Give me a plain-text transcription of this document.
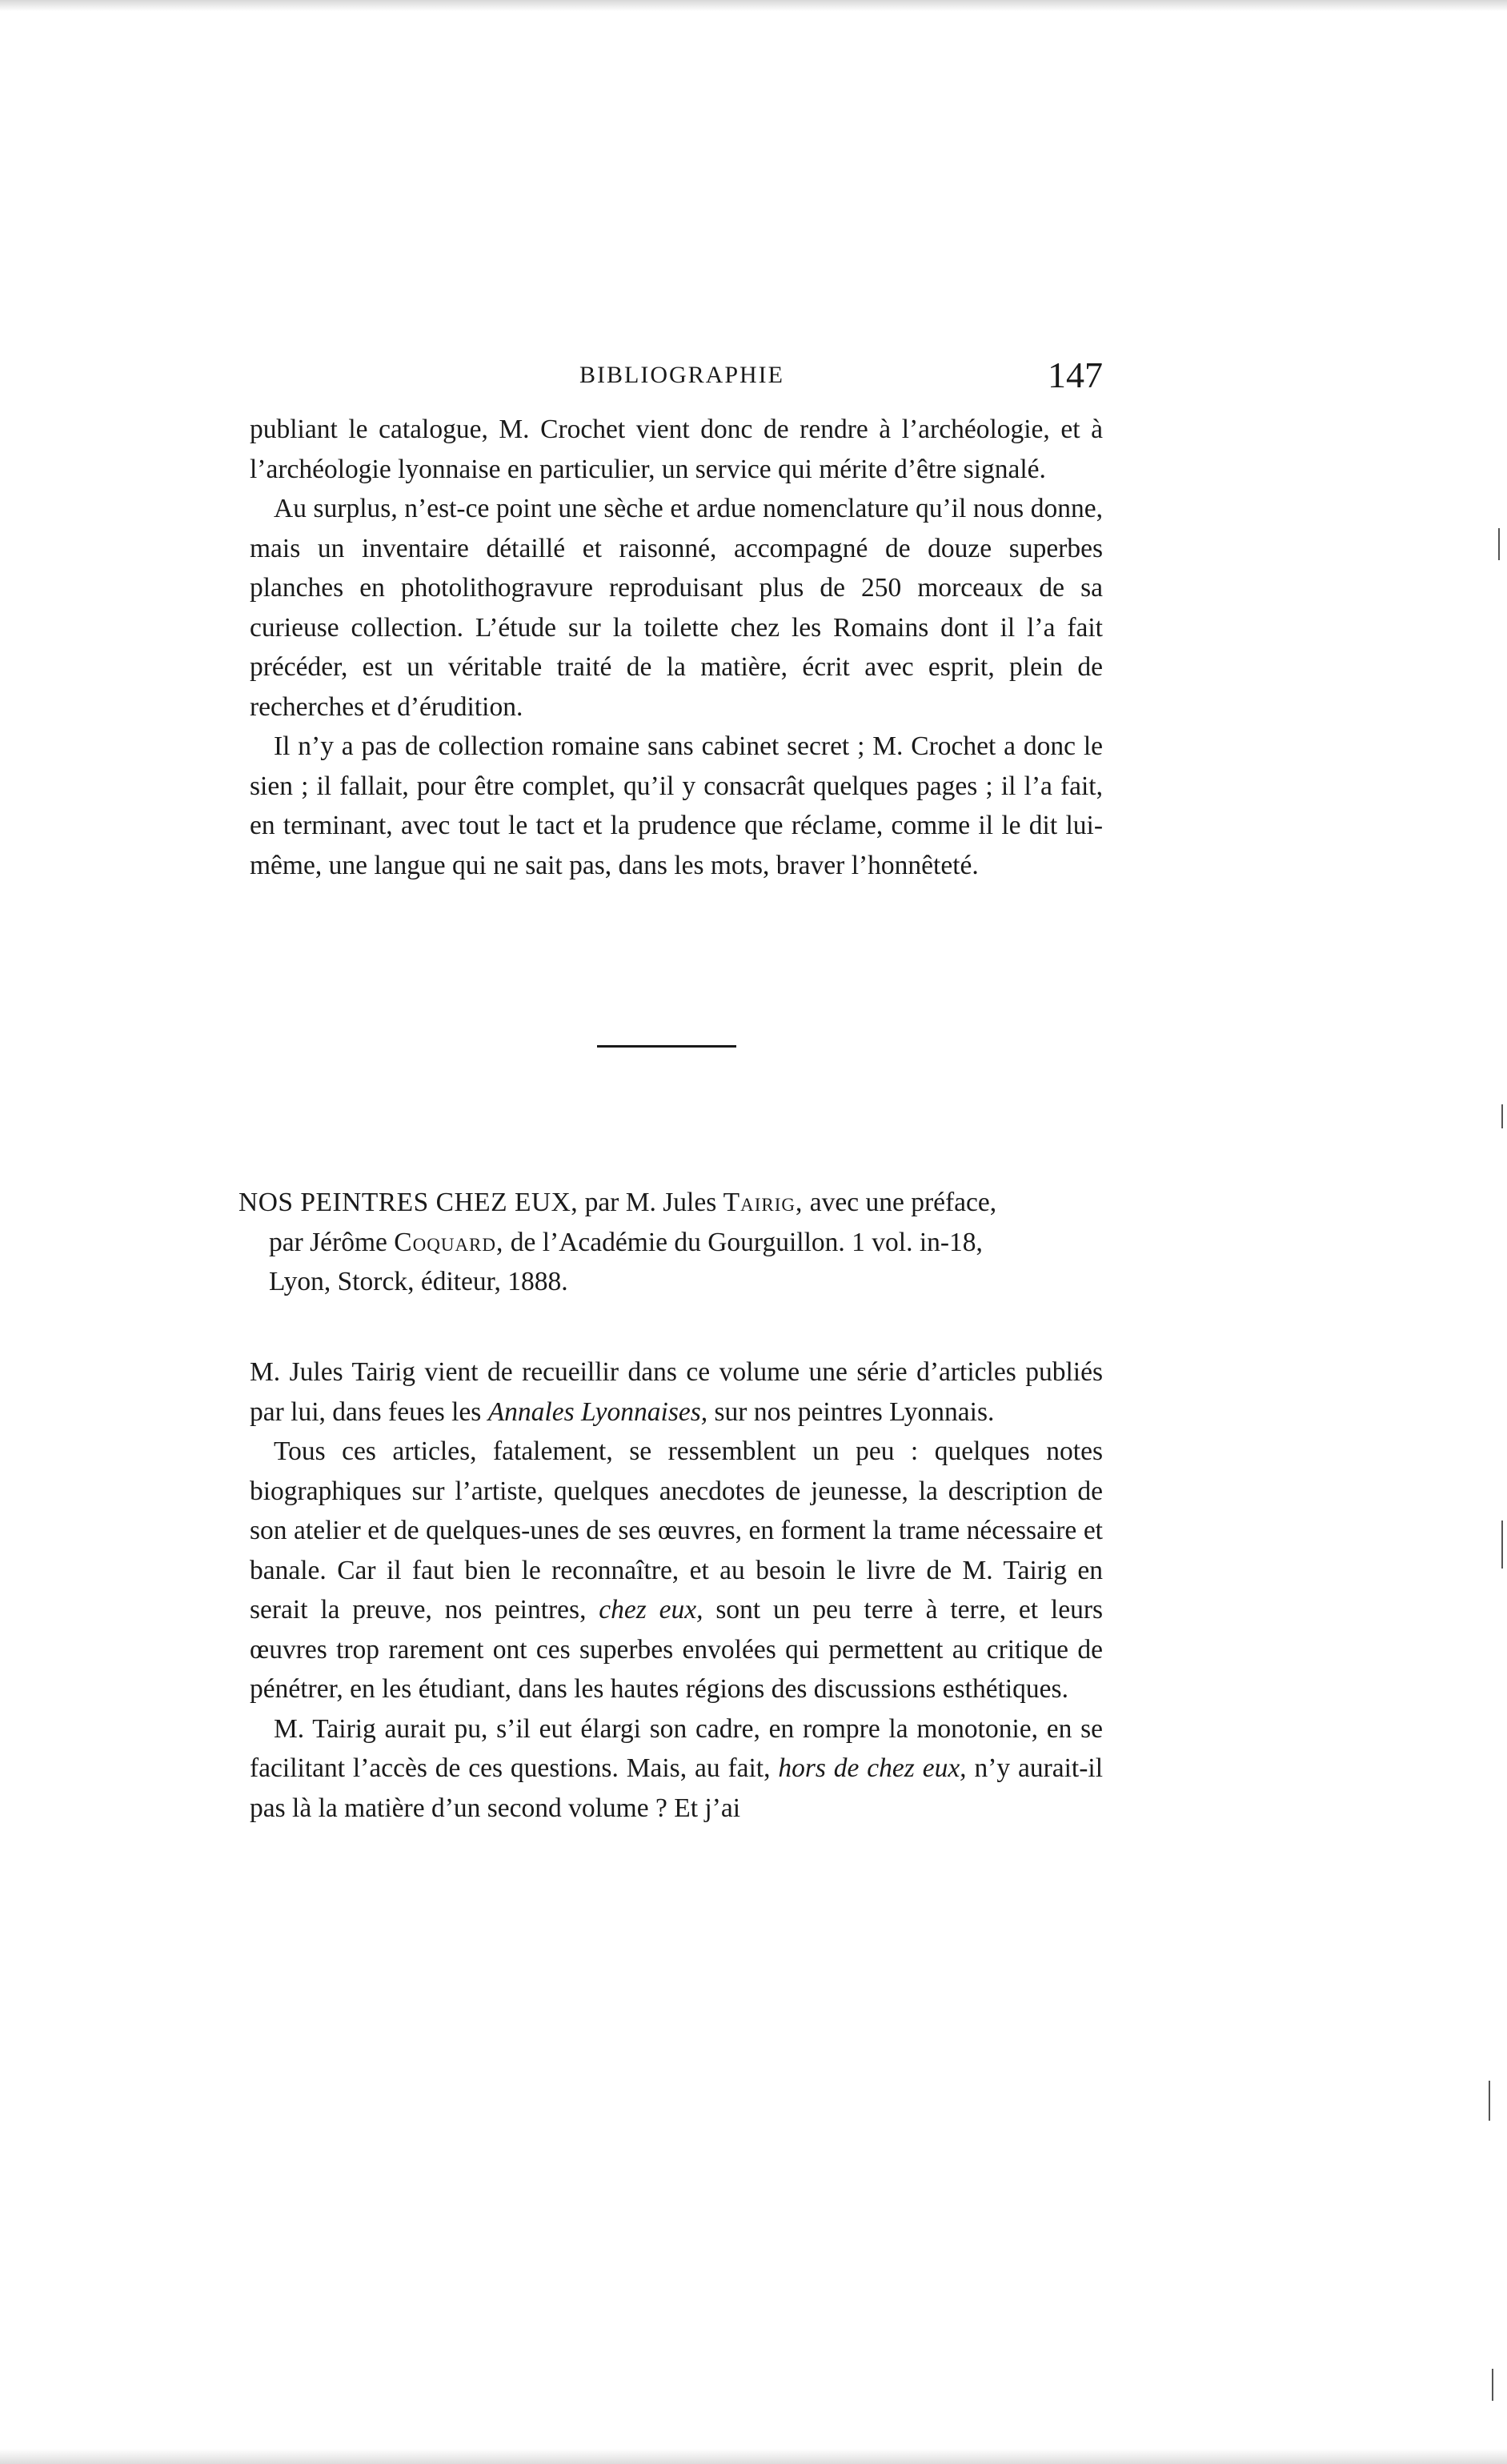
BIBLIOGRAPHIE	147

publiant le catalogue, M. Crochet vient donc de rendre à l’archéologie, et à l’archéologie lyonnaise en particulier, un service qui mérite d’être signalé.

Au surplus, n’est-ce point une sèche et ardue nomenclature qu’il nous donne, mais un inventaire détaillé et raisonné, accompagné de douze superbes planches en photolithogravure reproduisant plus de 250 morceaux de sa curieuse collection. L’étude sur la toilette chez les Romains dont il l’a fait précéder, est un véritable traité de la matière, écrit avec esprit, plein de recherches et d’érudition.

Il n’y a pas de collection romaine sans cabinet secret ; M. Crochet a donc le sien ; il fallait, pour être complet, qu’il y consacrât quelques pages ; il l’a fait, en terminant, avec tout le tact et la prudence que réclame, comme il le dit lui-même, une langue qui ne sait pas, dans les mots, braver l’honnêteté.

NOS PEINTRES CHEZ EUX, par M. Jules Tairig, avec une préface,
par Jérôme Coquard, de l’Académie du Gourguillon. 1 vol. in-18,
Lyon, Storck, éditeur, 1888.

M. Jules Tairig vient de recueillir dans ce volume une série d’articles publiés par lui, dans feues les Annales Lyonnaises, sur nos peintres Lyonnais.

Tous ces articles, fatalement, se ressemblent un peu : quelques notes biographiques sur l’artiste, quelques anecdotes de jeunesse, la description de son atelier et de quelques-unes de ses œuvres, en forment la trame nécessaire et banale. Car il faut bien le reconnaître, et au besoin le livre de M. Tairig en serait la preuve, nos peintres, chez eux, sont un peu terre à terre, et leurs œuvres trop rarement ont ces superbes envolées qui permettent au critique de pénétrer, en les étudiant, dans les hautes régions des discussions esthétiques.

M. Tairig aurait pu, s’il eut élargi son cadre, en rompre la monotonie, en se facilitant l’accès de ces questions. Mais, au fait, hors de chez eux, n’y aurait-il pas là la matière d’un second volume ? Et j’ai
